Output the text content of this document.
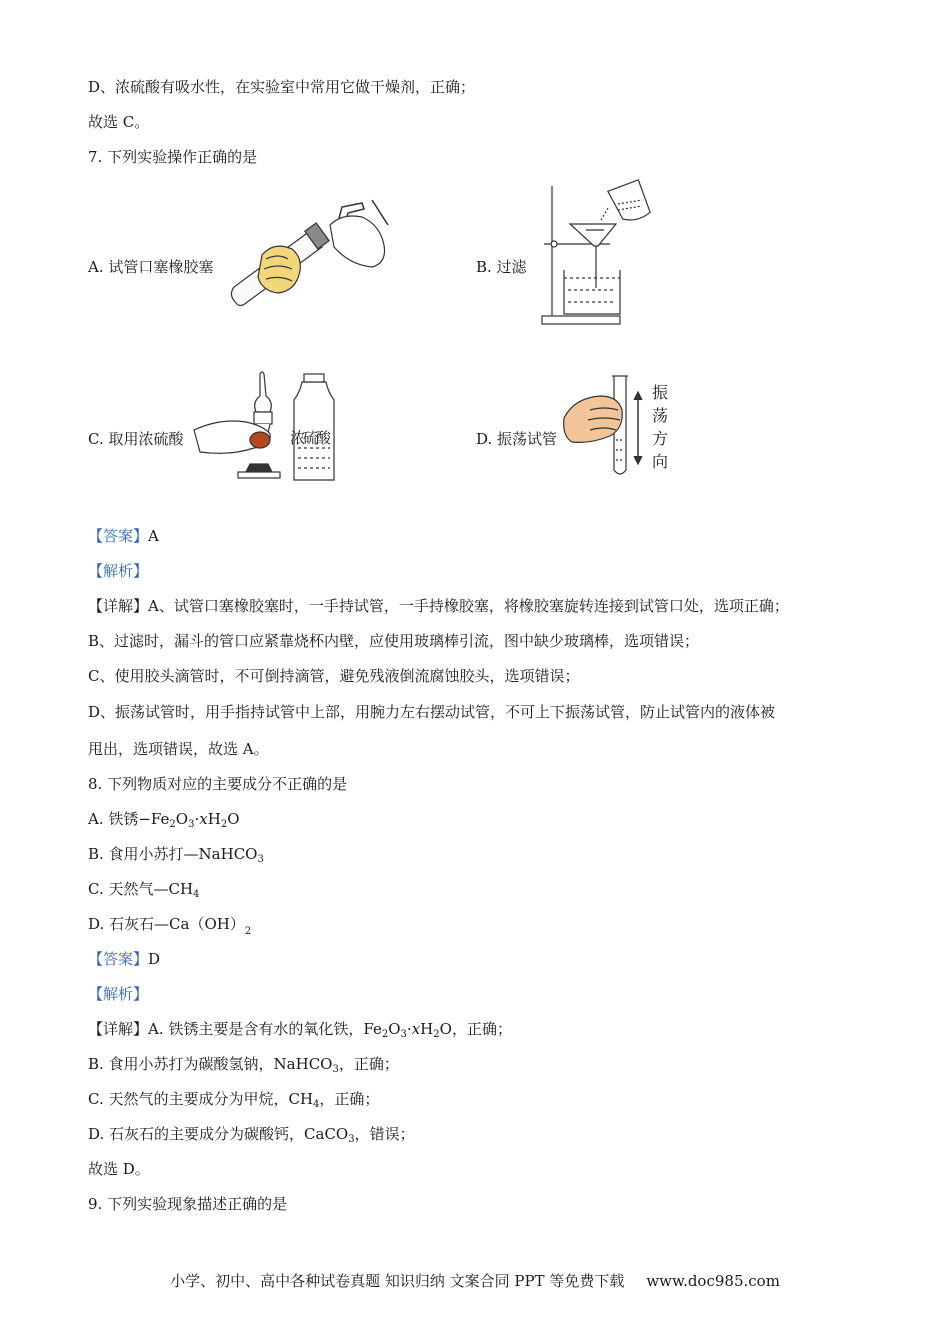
D、浓硫酸有吸水性，在实验室中常用它做干燥剂，正确；
故选 C。
7. 下列实验操作正确的是
A. 试管口塞橡胶塞	B. 过滤
C. 取用浓硫酸	浓硫酸	D. 振荡试管
振
荡
方
向
【答案】A
【解析】
【详解】A、试管口塞橡胶塞时，一手持试管，一手持橡胶塞，将橡胶塞旋转连接到试管口处，选项正确；
B、过滤时，漏斗的管口应紧靠烧杯内壁，应使用玻璃棒引流，图中缺少玻璃棒，选项错误；
C、使用胶头滴管时，不可倒持滴管，避免残液倒流腐蚀胶头，选项错误；
D、振荡试管时，用手指持试管中上部，用腕力左右摆动试管，不可上下振荡试管，防止试管内的液体被
甩出，选项错误，故选 A。
8. 下列物质对应的主要成分不正确的是
A. 铁锈$-Fe_2O_3\cdot xH_2O$
B. 食用小苏打—NaHCO$_3$
C. 天然气$—CH_4$
D. 石灰石$—Ca(OH)_2$
【答案】D
【解析】
【详解】A. 铁锈主要是含有水的氧化铁，$Fe_2O_3\cdot xH_2O$，正确；
B. 食用小苏打为碳酸氢钠，NaHCO$_3$，正确；
C. 天然气的主要成分为甲烷，$CH_4$，正确；
D. 石灰石的主要成分为碳酸钙，CaCO$_3$，错误；
故选 D。
9. 下列实验现象描述正确的是
小学、初中、高中各种试卷真题 知识归纳 文案合同 PPT 等免费下载 www.doc985.com
